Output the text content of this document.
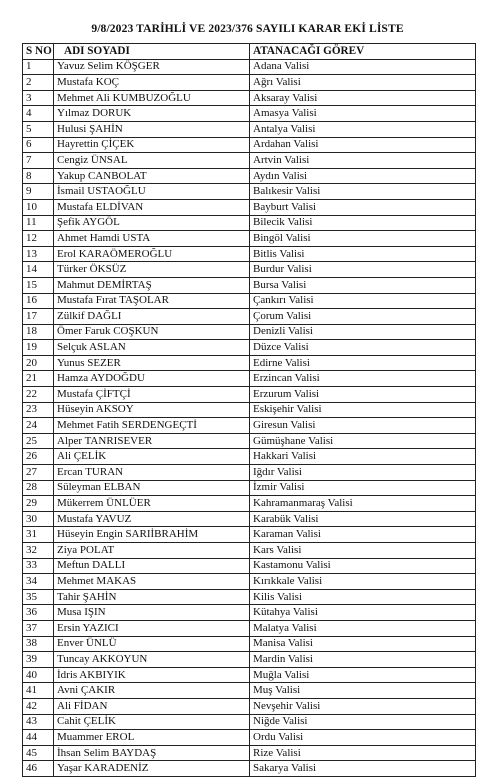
9/8/2023 TARİHLİ VE 2023/376 SAYILI KARAR EKİ LİSTE
S NO	ADI SOYADI	ATANACAĞI GÖREV
1	Yavuz Selim KÖŞGER	Adana Valisi
2	Mustafa KOÇ	Ağrı Valisi
3	Mehmet Ali KUMBUZOĞLU	Aksaray Valisi
4	Yılmaz DORUK	Amasya Valisi
5	Hulusi ŞAHİN	Antalya Valisi
6	Hayrettin ÇİÇEK	Ardahan Valisi
7	Cengiz ÜNSAL	Artvin Valisi
8	Yakup CANBOLAT	Aydın Valisi
9	İsmail USTAOĞLU	Balıkesir Valisi
10	Mustafa ELDİVAN	Bayburt Valisi
11	Şefik AYGÖL	Bilecik Valisi
12	Ahmet Hamdi USTA	Bingöl Valisi
13	Erol KARAÖMEROĞLU	Bitlis Valisi
14	Türker ÖKSÜZ	Burdur Valisi
15	Mahmut DEMİRTAŞ	Bursa Valisi
16	Mustafa Fırat TAŞOLAR	Çankırı Valisi
17	Zülkif DAĞLI	Çorum Valisi
18	Ömer Faruk COŞKUN	Denizli Valisi
19	Selçuk ASLAN	Düzce Valisi
20	Yunus SEZER	Edirne Valisi
21	Hamza AYDOĞDU	Erzincan Valisi
22	Mustafa ÇİFTÇİ	Erzurum Valisi
23	Hüseyin AKSOY	Eskişehir Valisi
24	Mehmet Fatih SERDENGEÇTİ	Giresun Valisi
25	Alper TANRISEVER	Gümüşhane Valisi
26	Ali ÇELİK	Hakkari Valisi
27	Ercan TURAN	Iğdır Valisi
28	Süleyman ELBAN	İzmir Valisi
29	Mükerrem ÜNLÜER	Kahramanmaraş Valisi
30	Mustafa YAVUZ	Karabük Valisi
31	Hüseyin Engin SARIİBRAHİM	Karaman Valisi
32	Ziya POLAT	Kars Valisi
33	Meftun DALLI	Kastamonu Valisi
34	Mehmet MAKAS	Kırıkkale Valisi
35	Tahir ŞAHİN	Kilis Valisi
36	Musa IŞIN	Kütahya Valisi
37	Ersin YAZICI	Malatya Valisi
38	Enver ÜNLÜ	Manisa Valisi
39	Tuncay AKKOYUN	Mardin Valisi
40	İdris AKBIYIK	Muğla Valisi
41	Avni ÇAKIR	Muş Valisi
42	Ali FİDAN	Nevşehir Valisi
43	Cahit ÇELİK	Niğde Valisi
44	Muammer EROL	Ordu Valisi
45	İhsan Selim BAYDAŞ	Rize Valisi
46	Yaşar KARADENİZ	Sakarya Valisi
